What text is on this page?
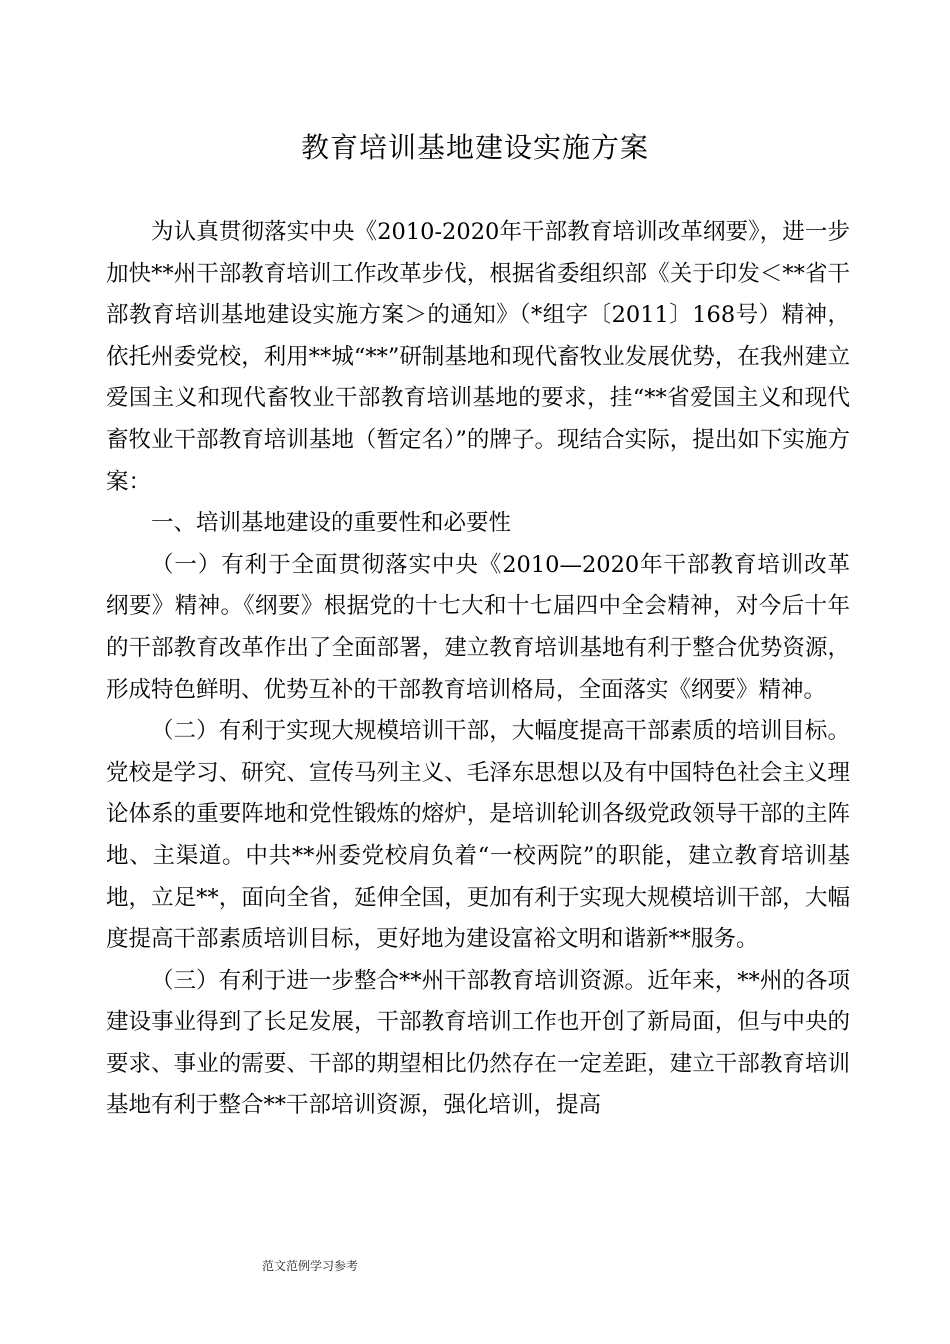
教育培训基地建设实施方案

为认真贯彻落实中央《2010-2020年干部教育培训改革纲要》，进一步加快**州干部教育培训工作改革步伐，根据省委组织部《关于印发＜**省干部教育培训基地建设实施方案＞的通知》（*组字〔2011〕168号）精神，依托州委党校，利用**城“**”研制基地和现代畜牧业发展优势，在我州建立爱国主义和现代畜牧业干部教育培训基地的要求，挂“**省爱国主义和现代畜牧业干部教育培训基地（暂定名）”的牌子。现结合实际，提出如下实施方案：

一、培训基地建设的重要性和必要性

（一）有利于全面贯彻落实中央《2010—2020年干部教育培训改革纲要》精神。《纲要》根据党的十七大和十七届四中全会精神，对今后十年的干部教育改革作出了全面部署，建立教育培训基地有利于整合优势资源，形成特色鲜明、优势互补的干部教育培训格局，全面落实《纲要》精神。

（二）有利于实现大规模培训干部，大幅度提高干部素质的培训目标。党校是学习、研究、宣传马列主义、毛泽东思想以及有中国特色社会主义理论体系的重要阵地和党性锻炼的熔炉，是培训轮训各级党政领导干部的主阵地、主渠道。中共**州委党校肩负着“一校两院”的职能，建立教育培训基地，立足**，面向全省，延伸全国，更加有利于实现大规模培训干部，大幅度提高干部素质培训目标，更好地为建设富裕文明和谐新**服务。

（三）有利于进一步整合**州干部教育培训资源。近年来，**州的各项建设事业得到了长足发展，干部教育培训工作也开创了新局面，但与中央的要求、事业的需要、干部的期望相比仍然存在一定差距，建立干部教育培训基地有利于整合**干部培训资源，强化培训，提高

范文范例学习参考
